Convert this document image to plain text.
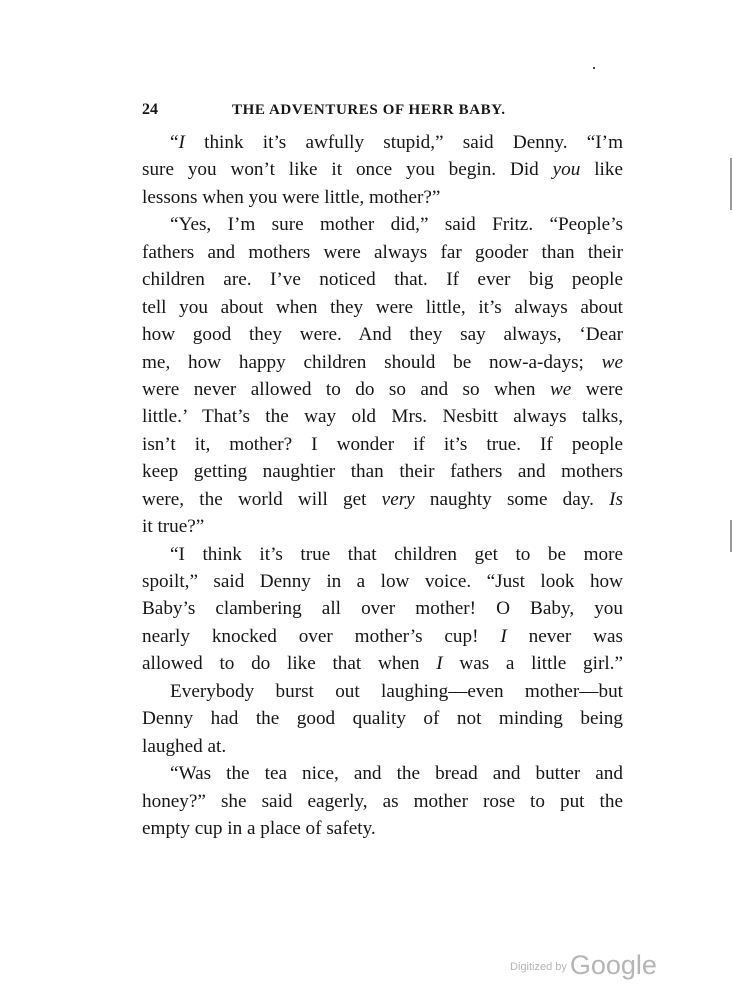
24	THE ADVENTURES OF HERR BABY.
“I think it’s awfully stupid,” said Denny. “I’m
sure you won’t like it once you begin. Did you like
lessons when you were little, mother?”
“Yes, I’m sure mother did,” said Fritz. “People’s
fathers and mothers were always far gooder than their
children are. I’ve noticed that. If ever big people
tell you about when they were little, it’s always about
how good they were. And they say always, ‘Dear
me, how happy children should be now-a-days; we
were never allowed to do so and so when we were
little.’ That’s the way old Mrs. Nesbitt always talks,
isn’t it, mother? I wonder if it’s true. If people
keep getting naughtier than their fathers and mothers
were, the world will get very naughty some day. Is
it true?”
“I think it’s true that children get to be more
spoilt,” said Denny in a low voice. “Just look how
Baby’s clambering all over mother! O Baby, you
nearly knocked over mother’s cup! I never was
allowed to do like that when I was a little girl.”
Everybody burst out laughing—even mother—but
Denny had the good quality of not minding being
laughed at.
“Was the tea nice, and the bread and butter and
honey?” she said eagerly, as mother rose to put the
empty cup in a place of safety.
$^{Digitized by}$ Google
